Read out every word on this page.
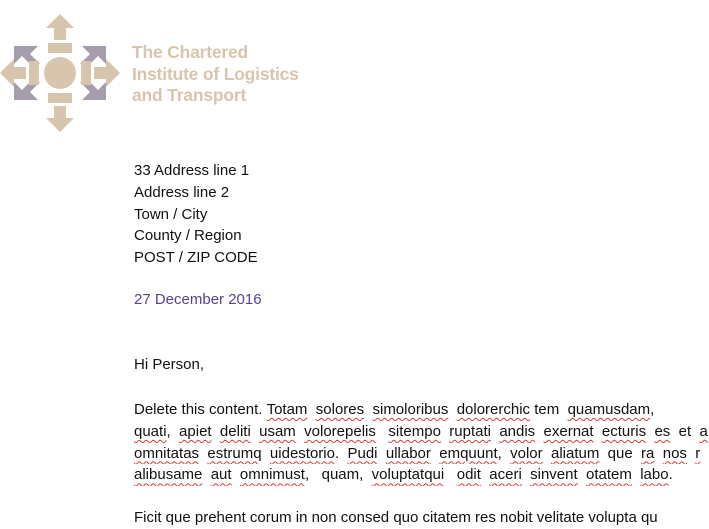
The Chartered
Institute of Logistics
and Transport
33 Address line 1
Address line 2
Town / City
County / Region
POST / ZIP CODE
27 December 2016
Hi Person,
Delete this content. Totam solores simoloribus dolorerchic tem  quamusdam,
quati,  apiet deliti usam volorepelis sitempo ruptati andis exernat ecturis es  et  a
omnitatas estrumq uidestorio.  Pudi ullabor emquunt,  volor aliatum  que  ra nos r
alibusame aut omnimust,   quam,  voluptatqui odit aceri sinvent otatem labo.
Ficit que prehent corum in non consed quo citatem res nobit velitate volupta qu
